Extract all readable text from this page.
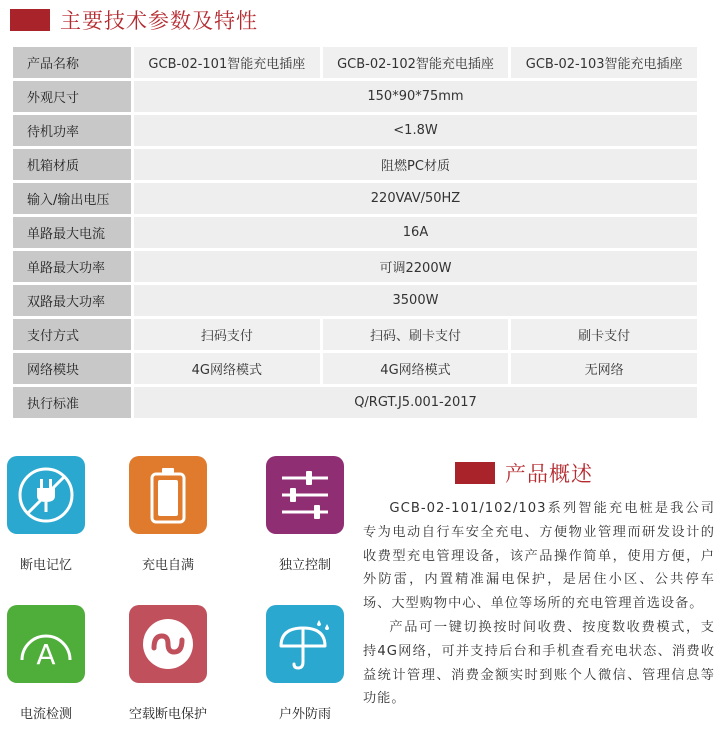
主要技术参数及特性
产品名称	GCB-02-101智能充电插座	GCB-02-102智能充电插座	GCB-02-103智能充电插座
外观尺寸	150*90*75mm		
待机功率	<1.8W		
机箱材质	阻燃PC材质		
输入/输出电压	220VAV/50HZ		
单路最大电流	16A		
单路最大功率	可调2200W		
双路最大功率	3500W		
支付方式	扫码支付	扫码、刷卡支付	刷卡支付
网络模块	4G网络模式	4G网络模式	无网络
执行标准	Q/RGT.J5.001-2017		
断电记忆	充电自满	独立控制
A
电流检测	空载断电保护	户外防雨
产品概述

GCB-02-101/102/103系列智能充电桩是我公司专为电动自行车安全充电、方便物业管理而研发设计的收费型充电管理设备，该产品操作简单，使用方便，户外防雷，内置精准漏电保护，是居住小区、公共停车场、大型购物中心、单位等场所的充电管理首选设备。

产品可一键切换按时间收费、按度数收费模式，支持4G网络，可并支持后台和手机查看充电状态、消费收益统计管理、消费金额实时到账个人微信、管理信息等功能。
